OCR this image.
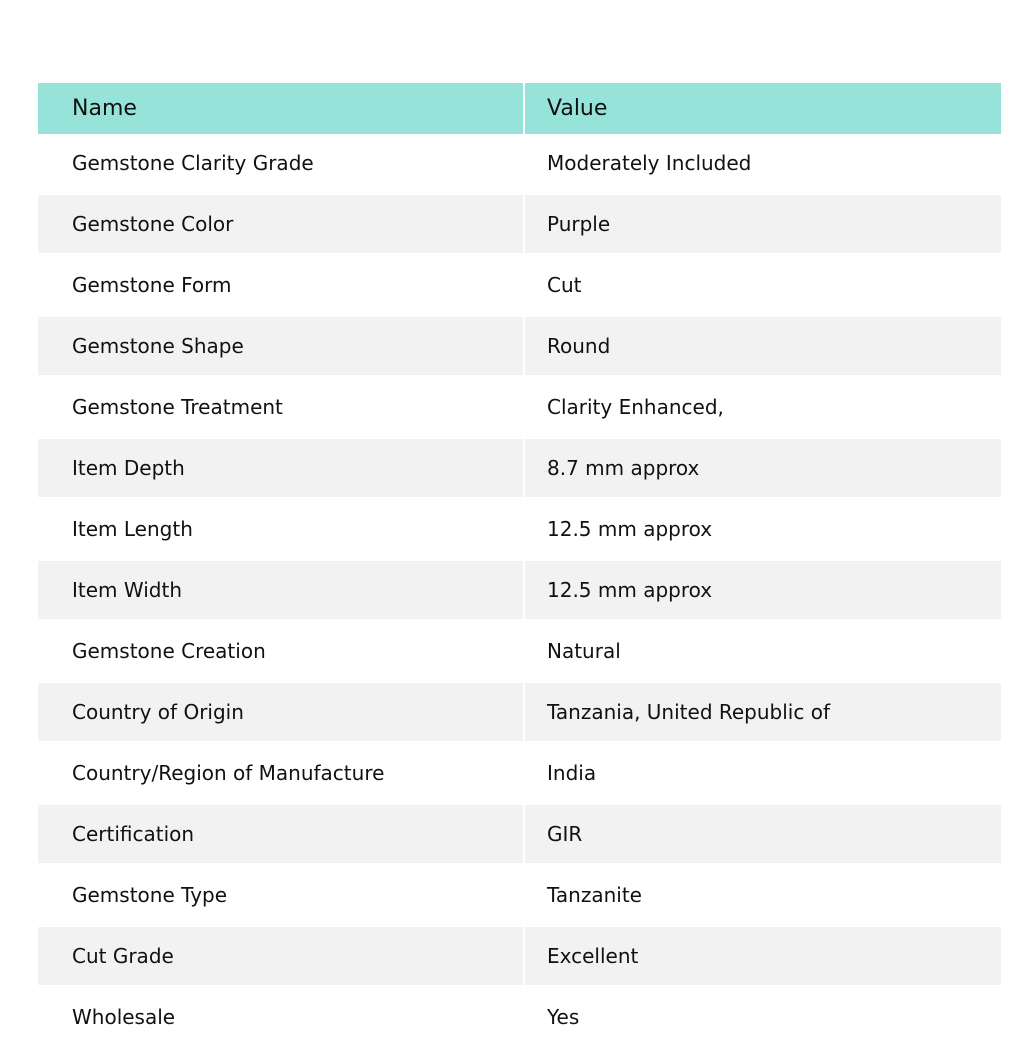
Name	Value
Gemstone Clarity Grade	Moderately Included
Gemstone Color	Purple
Gemstone Form	Cut
Gemstone Shape	Round
Gemstone Treatment	Clarity Enhanced,
Item Depth	8.7 mm approx
Item Length	12.5 mm approx
Item Width	12.5 mm approx
Gemstone Creation	Natural
Country of Origin	Tanzania, United Republic of
Country/Region of Manufacture	India
Certification	GIR
Gemstone Type	Tanzanite
Cut Grade	Excellent
Wholesale	Yes
